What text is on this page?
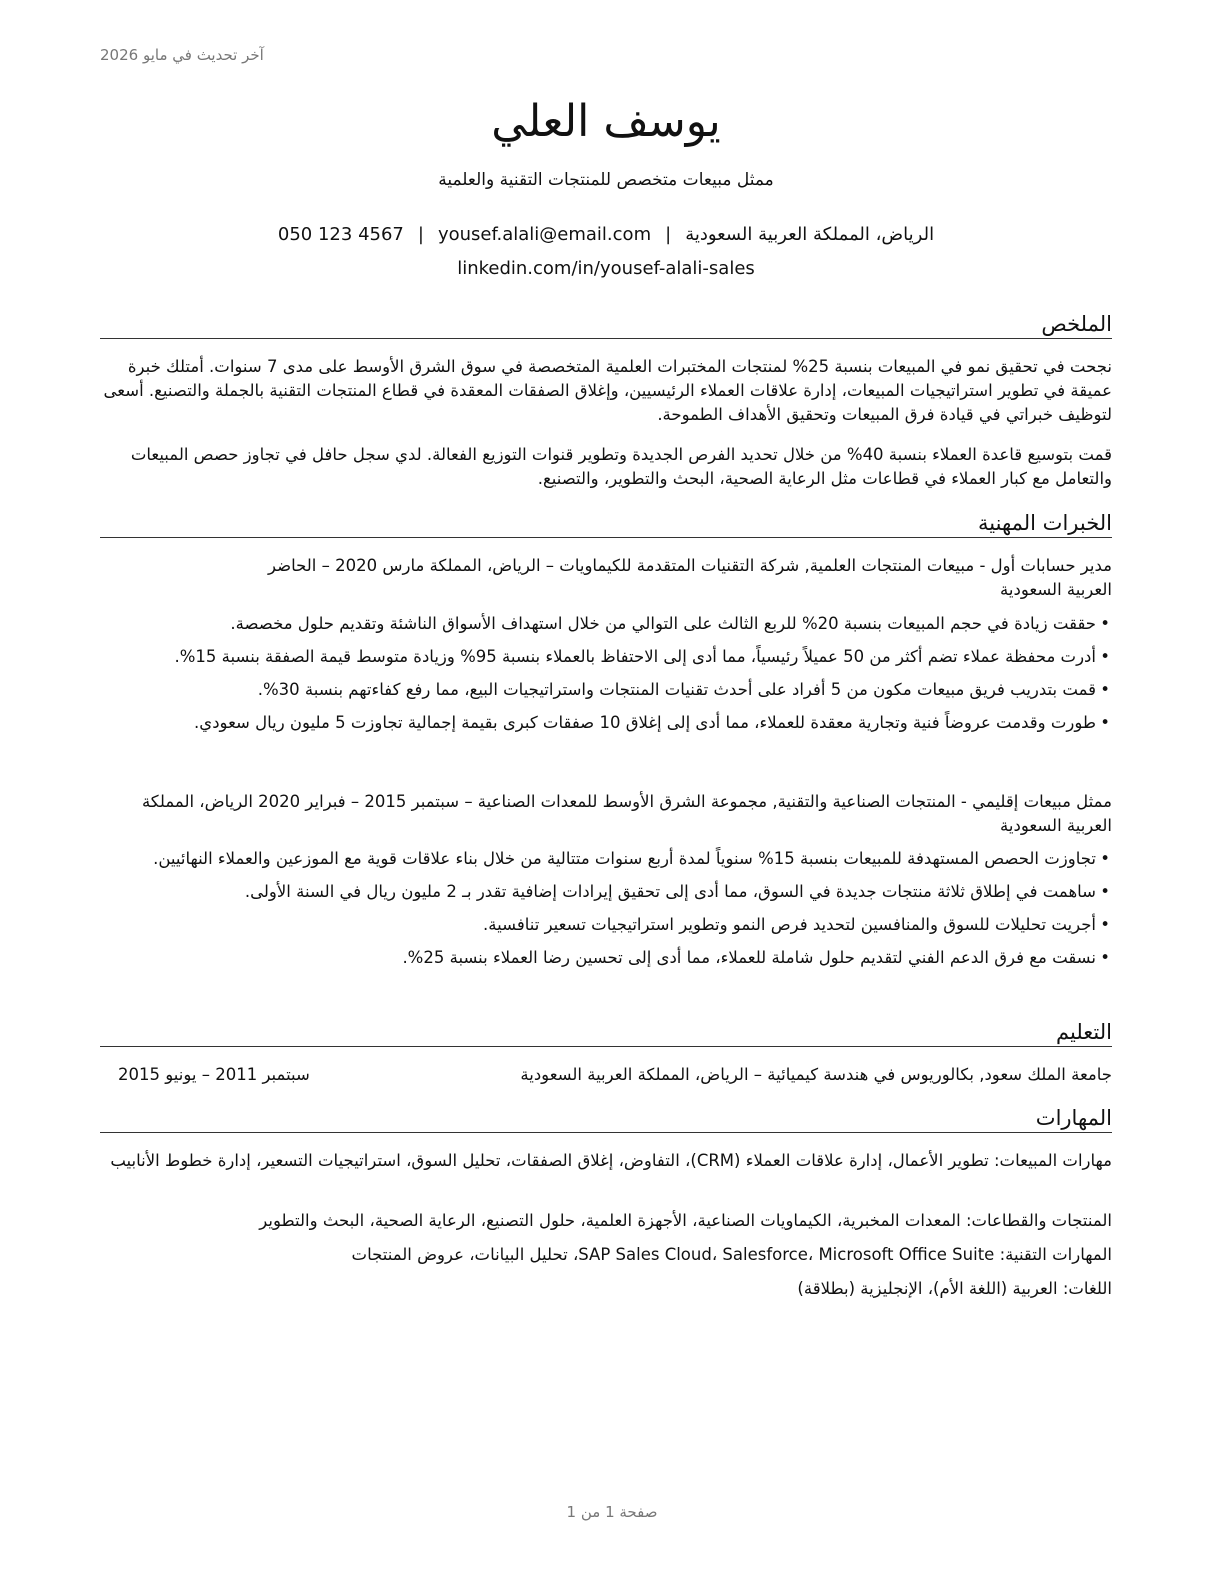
آخر تحديث في مايو 2026
يوسف العلي
ممثل مبيعات متخصص للمنتجات التقنية والعلمية
الرياض، المملكة العربية السعودية|yousef.alali@email.com|050 123 4567
linkedin.com/in/yousef-alali-sales
الملخص
نجحت في تحقيق نمو في المبيعات بنسبة 25% لمنتجات المختبرات العلمية المتخصصة في سوق الشرق الأوسط على مدى 7 سنوات. أمتلك خبرة عميقة في تطوير استراتيجيات المبيعات، إدارة علاقات العملاء الرئيسيين، وإغلاق الصفقات المعقدة في قطاع المنتجات التقنية بالجملة والتصنيع. أسعى لتوظيف خبراتي في قيادة فرق المبيعات وتحقيق الأهداف الطموحة.
قمت بتوسيع قاعدة العملاء بنسبة 40% من خلال تحديد الفرص الجديدة وتطوير قنوات التوزيع الفعالة. لدي سجل حافل في تجاوز حصص المبيعات والتعامل مع كبار العملاء في قطاعات مثل الرعاية الصحية، البحث والتطوير، والتصنيع.
الخبرات المهنية
مدير حسابات أول - مبيعات المنتجات العلمية, شركة التقنيات المتقدمة للكيماويات – الرياض، المملكة مارس 2020 – الحاضر العربية السعودية
• حققت زيادة في حجم المبيعات بنسبة 20% للربع الثالث على التوالي من خلال استهداف الأسواق الناشئة وتقديم حلول مخصصة.
• أدرت محفظة عملاء تضم أكثر من 50 عميلاً رئيسياً، مما أدى إلى الاحتفاظ بالعملاء بنسبة 95% وزيادة متوسط قيمة الصفقة بنسبة 15%.
• قمت بتدريب فريق مبيعات مكون من 5 أفراد على أحدث تقنيات المنتجات واستراتيجيات البيع، مما رفع كفاءتهم بنسبة 30%.
• طورت وقدمت عروضاً فنية وتجارية معقدة للعملاء، مما أدى إلى إغلاق 10 صفقات كبرى بقيمة إجمالية تجاوزت 5 مليون ريال سعودي.
ممثل مبيعات إقليمي - المنتجات الصناعية والتقنية, مجموعة الشرق الأوسط للمعدات الصناعية – سبتمبر 2015 – فبراير 2020 الرياض، المملكة العربية السعودية
• تجاوزت الحصص المستهدفة للمبيعات بنسبة 15% سنوياً لمدة أربع سنوات متتالية من خلال بناء علاقات قوية مع الموزعين والعملاء النهائيين.
• ساهمت في إطلاق ثلاثة منتجات جديدة في السوق، مما أدى إلى تحقيق إيرادات إضافية تقدر بـ 2 مليون ريال في السنة الأولى.
• أجريت تحليلات للسوق والمنافسين لتحديد فرص النمو وتطوير استراتيجيات تسعير تنافسية.
• نسقت مع فرق الدعم الفني لتقديم حلول شاملة للعملاء، مما أدى إلى تحسين رضا العملاء بنسبة 25%.
التعليم
جامعة الملك سعود, بكالوريوس في هندسة كيميائية – الرياض، المملكة العربية السعودية
سبتمبر 2011 – يونيو 2015
المهارات
مهارات المبيعات: تطوير الأعمال، إدارة علاقات العملاء (CRM)، التفاوض، إغلاق الصفقات، تحليل السوق، استراتيجيات التسعير، إدارة خطوط الأنابيب
المنتجات والقطاعات: المعدات المخبرية، الكيماويات الصناعية، الأجهزة العلمية، حلول التصنيع، الرعاية الصحية، البحث والتطوير
المهارات التقنية: SAP Sales Cloud، Salesforce، Microsoft Office Suite، تحليل البيانات، عروض المنتجات
اللغات: العربية (اللغة الأم)، الإنجليزية (بطلاقة)
صفحة 1 من 1
